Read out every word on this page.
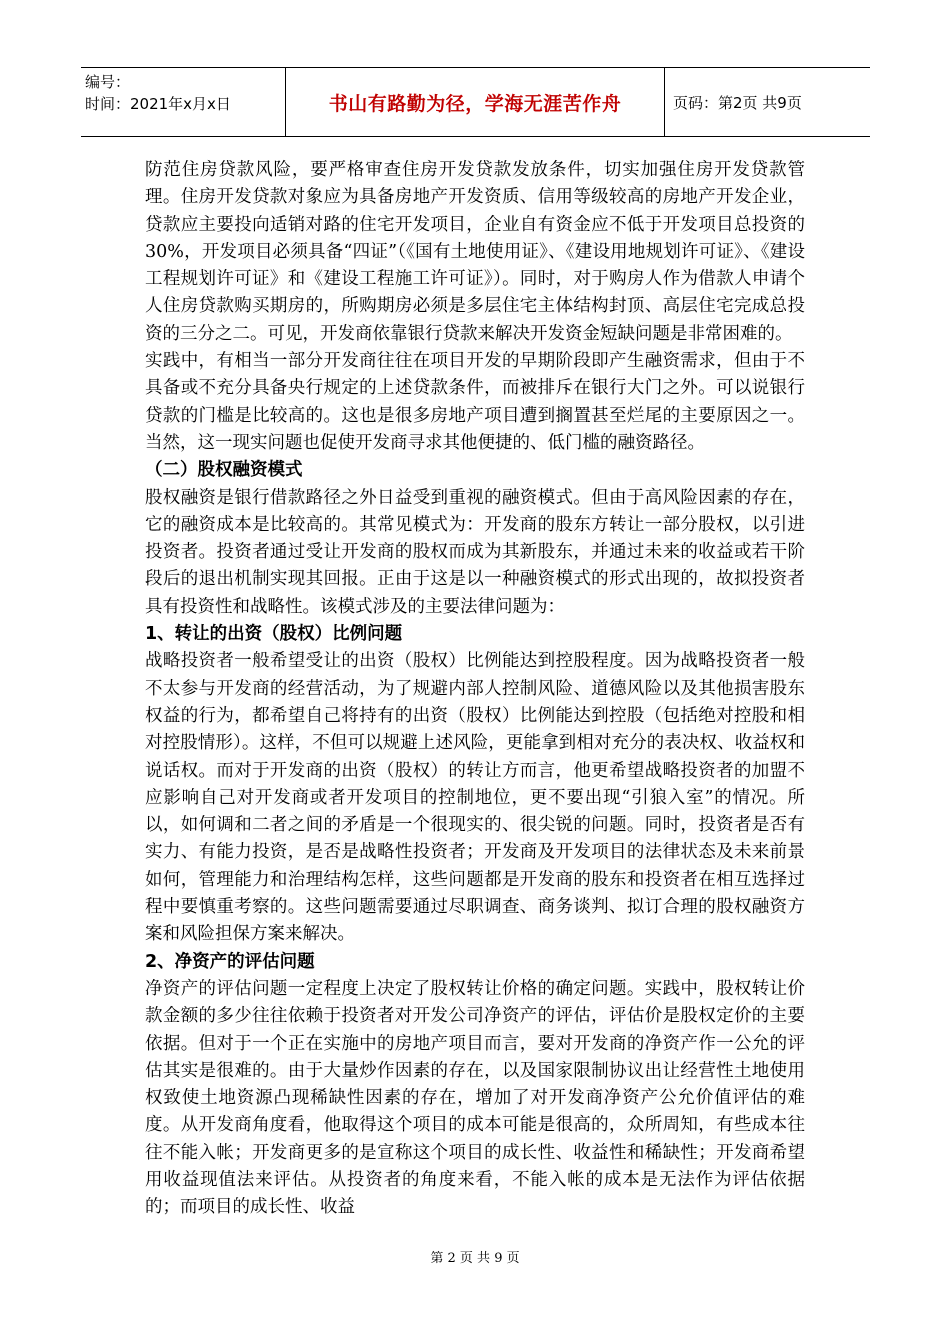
编号：
时间：2021年x月x日	书山有路勤为径，学海无涯苦作舟	页码：第2页 共9页

防范住房贷款风险，要严格审查住房开发贷款发放条件，切实加强住房开发贷款管理。住房开发贷款对象应为具备房地产开发资质、信用等级较高的房地产开发企业，贷款应主要投向适销对路的住宅开发项目，企业自有资金应不低于开发项目总投资的30%，开发项目必须具备“四证”（《国有土地使用证》、《建设用地规划许可证》、《建设工程规划许可证》和《建设工程施工许可证》）。同时，对于购房人作为借款人申请个人住房贷款购买期房的，所购期房必须是多层住宅主体结构封顶、高层住宅完成总投资的三分之二。可见，开发商依靠银行贷款来解决开发资金短缺问题是非常困难的。

实践中，有相当一部分开发商往往在项目开发的早期阶段即产生融资需求，但由于不具备或不充分具备央行规定的上述贷款条件，而被排斥在银行大门之外。可以说银行贷款的门槛是比较高的。这也是很多房地产项目遭到搁置甚至烂尾的主要原因之一。当然，这一现实问题也促使开发商寻求其他便捷的、低门槛的融资路径。

（二）股权融资模式

股权融资是银行借款路径之外日益受到重视的融资模式。但由于高风险因素的存在，它的融资成本是比较高的。其常见模式为：开发商的股东方转让一部分股权，以引进投资者。投资者通过受让开发商的股权而成为其新股东，并通过未来的收益或若干阶段后的退出机制实现其回报。正由于这是以一种融资模式的形式出现的，故拟投资者具有投资性和战略性。该模式涉及的主要法律问题为：

1、转让的出资（股权）比例问题

战略投资者一般希望受让的出资（股权）比例能达到控股程度。因为战略投资者一般不太参与开发商的经营活动，为了规避内部人控制风险、道德风险以及其他损害股东权益的行为，都希望自己将持有的出资（股权）比例能达到控股（包括绝对控股和相对控股情形）。这样，不但可以规避上述风险，更能拿到相对充分的表决权、收益权和说话权。而对于开发商的出资（股权）的转让方而言，他更希望战略投资者的加盟不应影响自己对开发商或者开发项目的控制地位，更不要出现“引狼入室”的情况。所以，如何调和二者之间的矛盾是一个很现实的、很尖锐的问题。同时，投资者是否有实力、有能力投资，是否是战略性投资者；开发商及开发项目的法律状态及未来前景如何，管理能力和治理结构怎样，这些问题都是开发商的股东和投资者在相互选择过程中要慎重考察的。这些问题需要通过尽职调查、商务谈判、拟订合理的股权融资方案和风险担保方案来解决。

2、净资产的评估问题

净资产的评估问题一定程度上决定了股权转让价格的确定问题。实践中，股权转让价款金额的多少往往依赖于投资者对开发公司净资产的评估，评估价是股权定价的主要依据。但对于一个正在实施中的房地产项目而言，要对开发商的净资产作一公允的评估其实是很难的。由于大量炒作因素的存在，以及国家限制协议出让经营性土地使用权致使土地资源凸现稀缺性因素的存在，增加了对开发商净资产公允价值评估的难度。从开发商角度看，他取得这个项目的成本可能是很高的，众所周知，有些成本往往不能入帐；开发商更多的是宣称这个项目的成长性、收益性和稀缺性；开发商希望用收益现值法来评估。从投资者的角度来看，不能入帐的成本是无法作为评估依据的；而项目的成长性、收益

第 2 页 共 9 页
